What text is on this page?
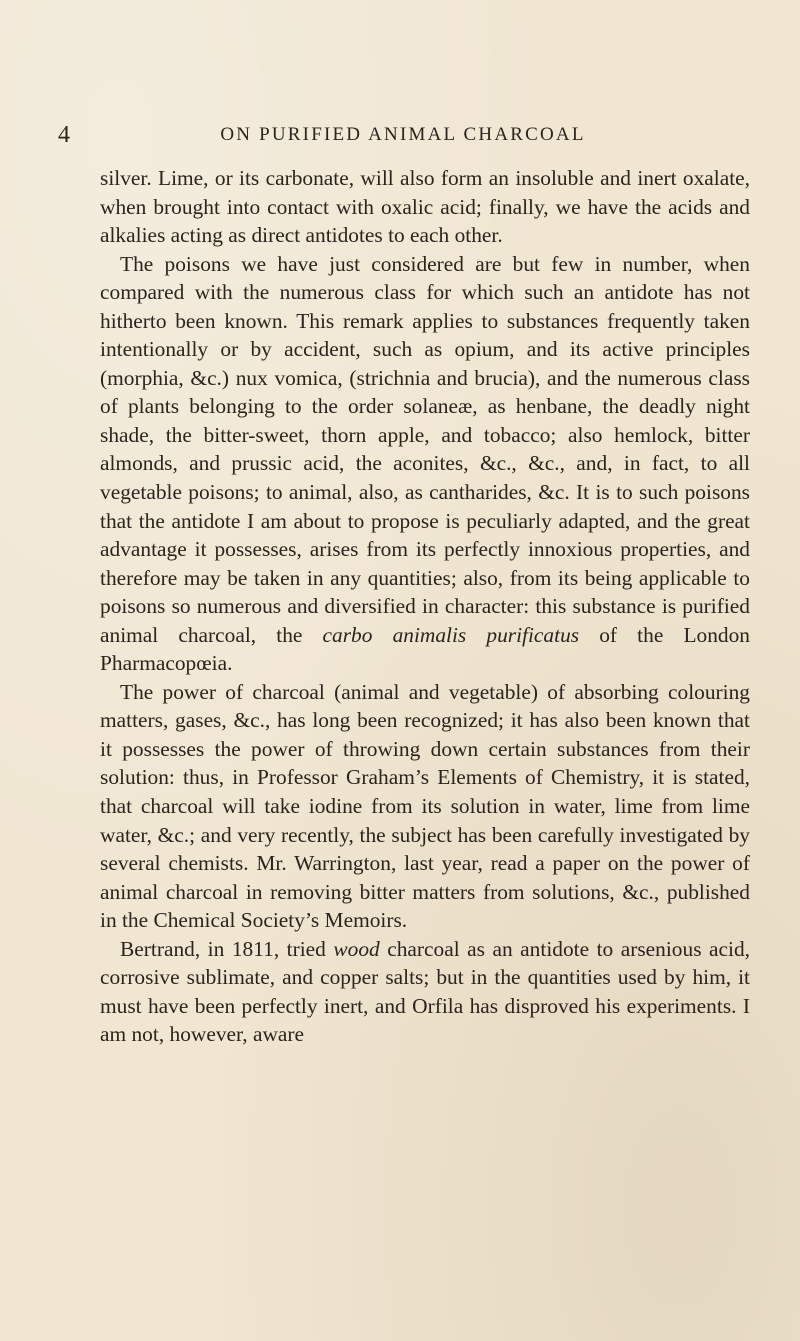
4	ON PURIFIED ANIMAL CHARCOAL

silver. Lime, or its carbonate, will also form an insoluble and inert oxalate, when brought into contact with oxalic acid; finally, we have the acids and alkalies acting as direct antidotes to each other.

The poisons we have just considered are but few in number, when compared with the numerous class for which such an antidote has not hitherto been known. This remark applies to substances frequently taken intentionally or by accident, such as opium, and its active principles (morphia, &c.) nux vomica, (strichnia and brucia), and the numerous class of plants belonging to the order solaneæ, as henbane, the deadly night shade, the bitter-sweet, thorn apple, and tobacco; also hemlock, bitter almonds, and prussic acid, the aconites, &c., &c., and, in fact, to all vegetable poisons; to animal, also, as cantharides, &c. It is to such poisons that the antidote I am about to propose is peculiarly adapted, and the great advantage it possesses, arises from its perfectly innoxious properties, and therefore may be taken in any quantities; also, from its being applicable to poisons so numerous and diversified in character: this substance is purified animal charcoal, the carbo animalis purificatus of the London Pharmacopœia.

The power of charcoal (animal and vegetable) of absorbing colouring matters, gases, &c., has long been recognized; it has also been known that it possesses the power of throwing down certain substances from their solution: thus, in Professor Graham’s Elements of Chemistry, it is stated, that charcoal will take iodine from its solution in water, lime from lime water, &c.; and very recently, the subject has been carefully investigated by several chemists. Mr. Warrington, last year, read a paper on the power of animal charcoal in removing bitter matters from solutions, &c., published in the Chemical Society’s Memoirs.

Bertrand, in 1811, tried wood charcoal as an antidote to arsenious acid, corrosive sublimate, and copper salts; but in the quantities used by him, it must have been perfectly inert, and Orfila has disproved his experiments. I am not, however, aware
